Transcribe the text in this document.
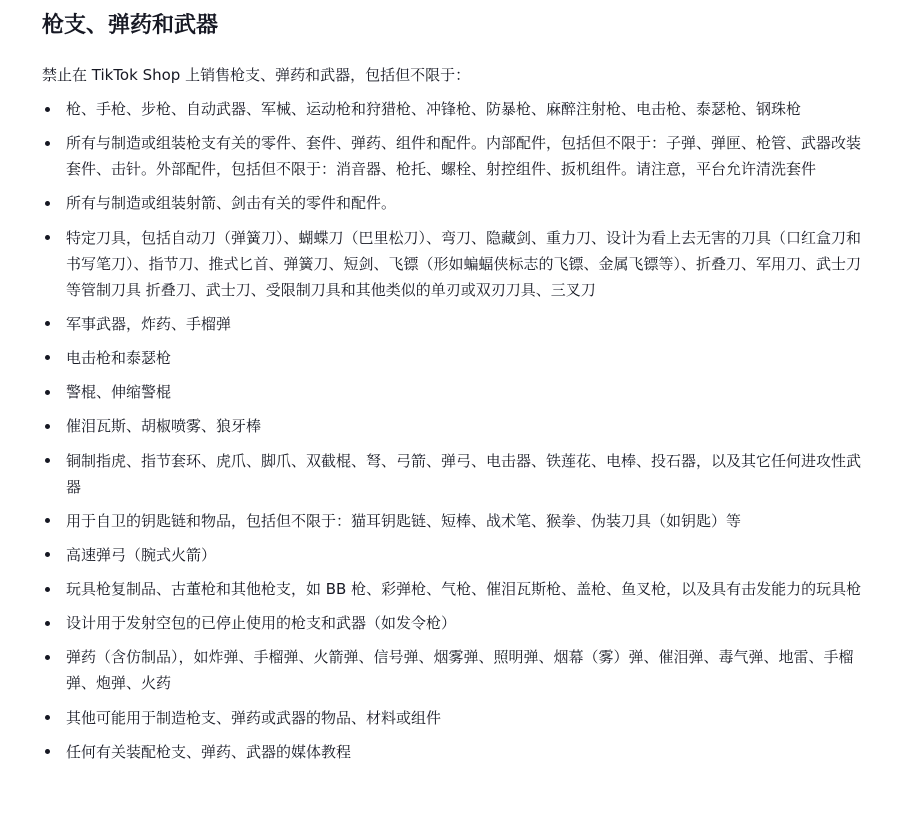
枪支、弹药和武器
禁止在 TikTok Shop 上销售枪支、弹药和武器，包括但不限于：
枪、手枪、步枪、自动武器、军械、运动枪和狩猎枪、冲锋枪、防暴枪、麻醉注射枪、电击枪、泰瑟枪、钢珠枪
所有与制造或组装枪支有关的零件、套件、弹药、组件和配件。内部配件，包括但不限于：子弹、弹匣、枪管、武器改装套件、击针。外部配件，包括但不限于：消音器、枪托、螺栓、射控组件、扳机组件。请注意，平台允许清洗套件
所有与制造或组装射箭、剑击有关的零件和配件。
特定刀具，包括自动刀（弹簧刀）、蝴蝶刀（巴里松刀）、弯刀、隐藏剑、重力刀、设计为看上去无害的刀具（口红盒刀和书写笔刀）、指节刀、推式匕首、弹簧刀、短剑、飞镖（形如蝙蝠侠标志的飞镖、金属飞镖等）、折叠刀、军用刀、武士刀等管制刀具 折叠刀、武士刀、受限制刀具和其他类似的单刃或双刃刀具、三叉刀
军事武器，炸药、手榴弹
电击枪和泰瑟枪
警棍、伸缩警棍
催泪瓦斯、胡椒喷雾、狼牙棒
铜制指虎、指节套环、虎爪、脚爪、双截棍、弩、弓箭、弹弓、电击器、铁莲花、电棒、投石器，以及其它任何进攻性武器
用于自卫的钥匙链和物品，包括但不限于：猫耳钥匙链、短棒、战术笔、猴拳、伪装刀具（如钥匙）等
高速弹弓（腕式火箭）
玩具枪复制品、古董枪和其他枪支，如 BB 枪、彩弹枪、气枪、催泪瓦斯枪、盖枪、鱼叉枪，以及具有击发能力的玩具枪
设计用于发射空包的已停止使用的枪支和武器（如发令枪）
弹药（含仿制品），如炸弹、手榴弹、火箭弹、信号弹、烟雾弹、照明弹、烟幕（雾）弹、催泪弹、毒气弹、地雷、手榴弹、炮弹、火药
其他可能用于制造枪支、弹药或武器的物品、材料或组件
任何有关装配枪支、弹药、武器的媒体教程
